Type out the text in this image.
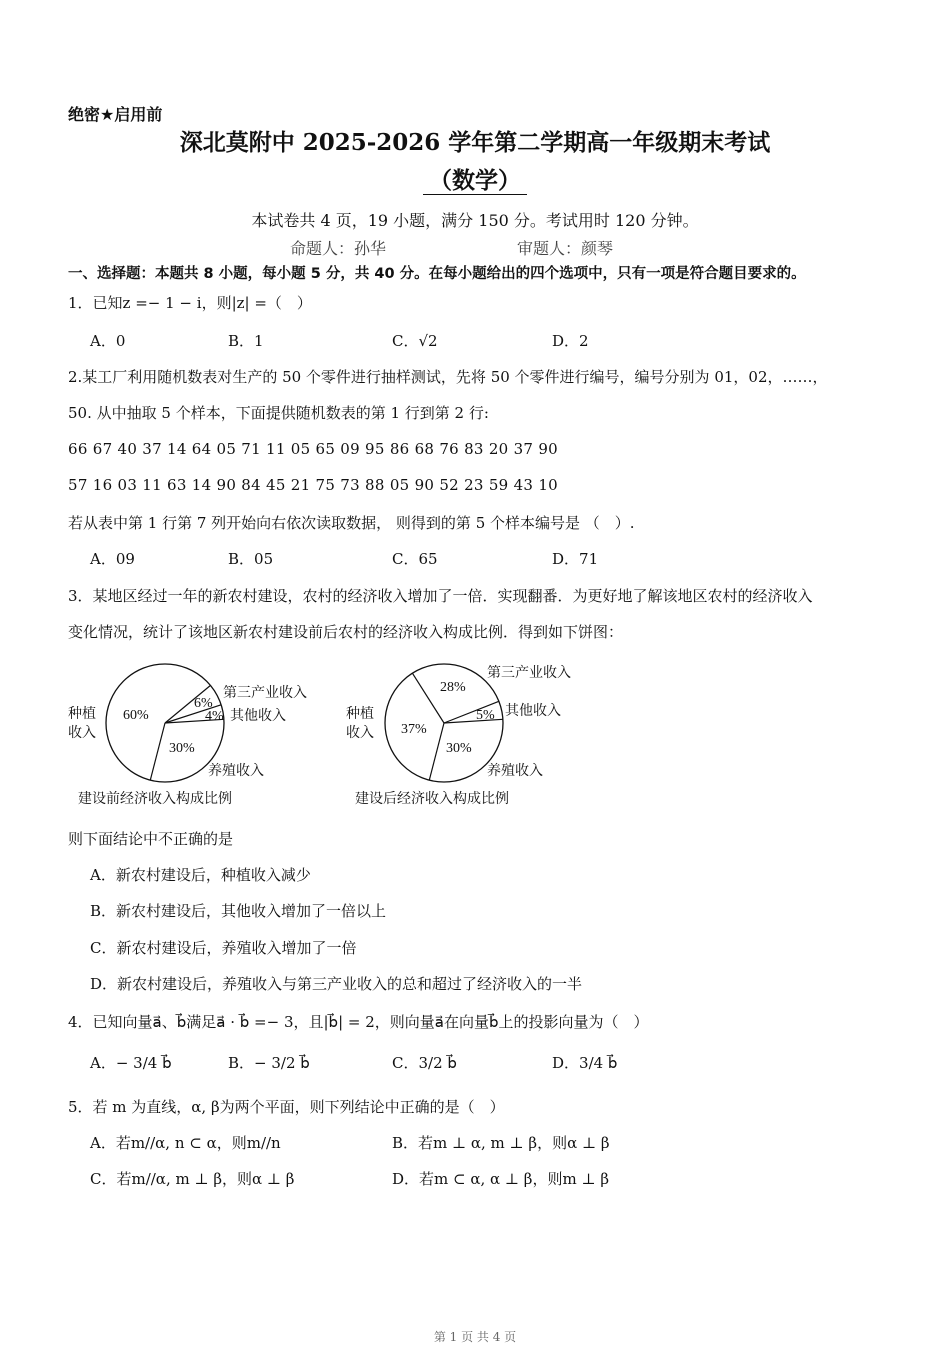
绝密★启用前
深北莫附中 2025-2026 学年第二学期高一年级期末考试
（数学）
本试卷共 4 页，19 小题，满分 150 分。考试用时 120 分钟。
命题人：孙华	审题人：颜琴
一、选择题：本题共 8 小题，每小题 5 分，共 40 分。在每小题给出的四个选项中，只有一项是符合题目要求的。
1．已知z =− 1 − i，则|z| =（　）
A．0	B．1	C．√2	D．2
2.某工厂利用随机数表对生产的 50 个零件进行抽样测试，先将 50 个零件进行编号，编号分别为 01，02，……，
50. 从中抽取 5 个样本，下面提供随机数表的第 1 行到第 2 行:
66 67 40 37 14 64 05 71 11 05 65 09 95 86 68 76 83 20 37 90
57 16 03 11 63 14 90 84 45 21 75 73 88 05 90 52 23 59 43 10
若从表中第 1 行第 7 列开始向右依次读取数据， 则得到的第 5 个样本编号是 （　）.
A．09	B．05	C．65	D．71
3．某地区经过一年的新农村建设，农村的经济收入增加了一倍．实现翻番．为更好地了解该地区农村的经济收入
变化情况，统计了该地区新农村建设前后农村的经济收入构成比例．得到如下饼图：
种植
收入
60%
6%
4%
30%
第三产业收入
其他收入
养殖收入
建设前经济收入构成比例
种植
收入 37%
28%
5%
30%
第三产业收入
其他收入
养殖收入
建设后经济收入构成比例
则下面结论中不正确的是
A．新农村建设后，种植收入减少
B．新农村建设后，其他收入增加了一倍以上
C．新农村建设后，养殖收入增加了一倍
D．新农村建设后，养殖收入与第三产业收入的总和超过了经济收入的一半
4．已知向量a⃗、b⃗满足a⃗ · b⃗ =− 3，且|b⃗| = 2，则向量a⃗在向量b⃗上的投影向量为（　）
A．− 3/4 b⃗	B．− 3/2 b⃗	C．3/2 b⃗	D．3/4 b⃗
5．若 m 为直线，α, β为两个平面，则下列结论中正确的是（　）
A．若m//α, n ⊂ α，则m//n	B．若m ⊥ α, m ⊥ β，则α ⊥ β
C．若m//α, m ⊥ β，则α ⊥ β	D．若m ⊂ α, α ⊥ β，则m ⊥ β
第 1 页 共 4 页
